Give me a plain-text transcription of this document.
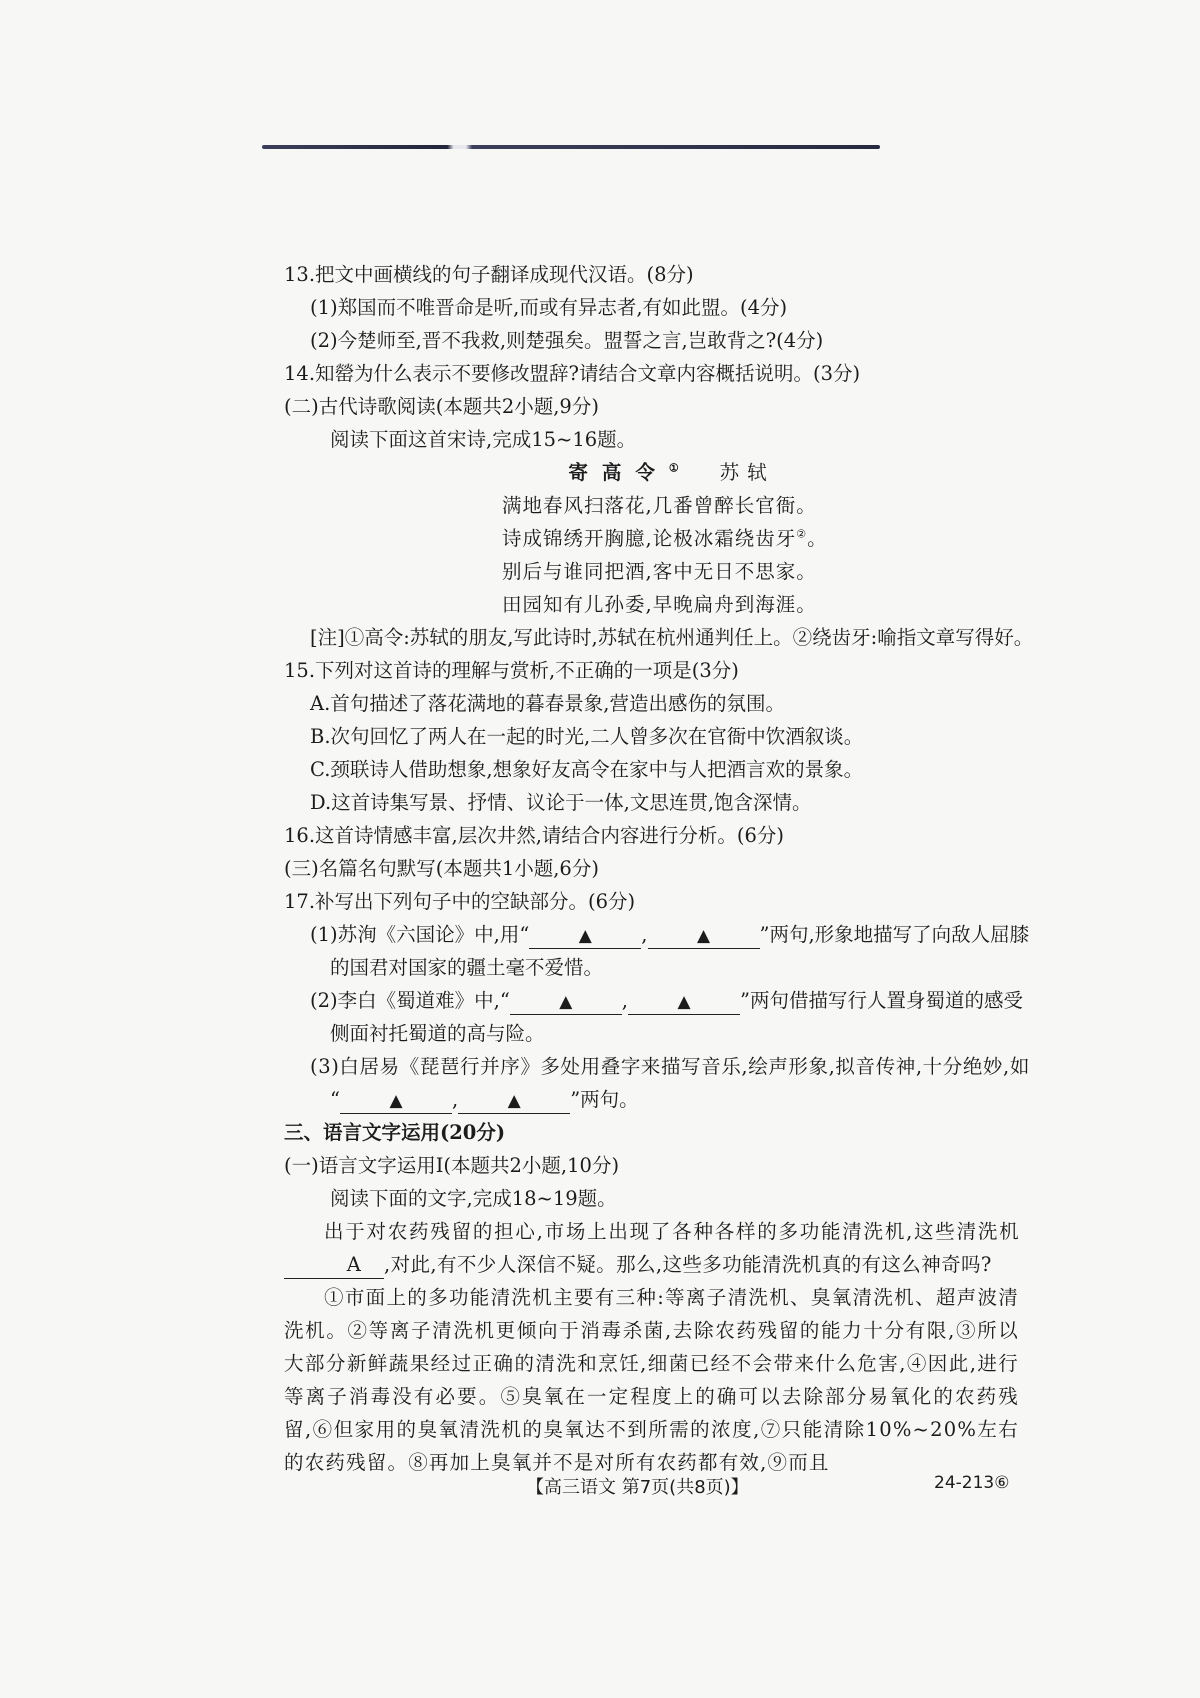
13.把文中画横线的句子翻译成现代汉语。(8分)
(1)郑国而不唯晋命是听,而或有异志者,有如此盟。(4分)
(2)今楚师至,晋不我救,则楚强矣。盟誓之言,岂敢背之?(4分)
14.知罃为什么表示不要修改盟辞?请结合文章内容概括说明。(3分)
(二)古代诗歌阅读(本题共2小题,9分)
阅读下面这首宋诗,完成15~16题。
寄高令① 苏轼
满地春风扫落花,几番曾醉长官衙。
诗成锦绣开胸臆,论极冰霜绕齿牙②。
别后与谁同把酒,客中无日不思家。
田园知有儿孙委,早晚扁舟到海涯。
[注]①高令:苏轼的朋友,写此诗时,苏轼在杭州通判任上。②绕齿牙:喻指文章写得好。
15.下列对这首诗的理解与赏析,不正确的一项是(3分)
A.首句描述了落花满地的暮春景象,营造出感伤的氛围。
B.次句回忆了两人在一起的时光,二人曾多次在官衙中饮酒叙谈。
C.颈联诗人借助想象,想象好友高令在家中与人把酒言欢的景象。
D.这首诗集写景、抒情、议论于一体,文思连贯,饱含深情。
16.这首诗情感丰富,层次井然,请结合内容进行分析。(6分)
(三)名篇名句默写(本题共1小题,6分)
17.补写出下列句子中的空缺部分。(6分)
(1)苏洵《六国论》中,用“	▲	,	▲	”两句,形象地描写了向敌人屈膝
的国君对国家的疆土毫不爱惜。
(2)李白《蜀道难》中,“	▲	,	▲	”两句借描写行人置身蜀道的感受
侧面衬托蜀道的高与险。
(3)白居易《琵琶行并序》多处用叠字来描写音乐,绘声形象,拟音传神,十分绝妙,如
“	▲	,	▲	”两句。
三、语言文字运用(20分)
(一)语言文字运用Ⅰ(本题共2小题,10分)
阅读下面的文字,完成18~19题。
出于对农药残留的担心,市场上出现了各种各样的多功能清洗机,这些清洗机A ,对此,有不少人深信不疑。那么,这些多功能清洗机真的有这么神奇吗?
①市面上的多功能清洗机主要有三种:等离子清洗机、臭氧清洗机、超声波清洗机。②等离子清洗机更倾向于消毒杀菌,去除农药残留的能力十分有限,③所以大部分新鲜蔬果经过正确的清洗和烹饪,细菌已经不会带来什么危害,④因此,进行等离子消毒没有必要。⑤臭氧在一定程度上的确可以去除部分易氧化的农药残留,⑥但家用的臭氧清洗机的臭氧达不到所需的浓度,⑦只能清除10%~20%左右的农药残留。⑧再加上臭氧并不是对所有农药都有效,⑨而且
【高三语文 第7页(共8页)】	24-213⑥
